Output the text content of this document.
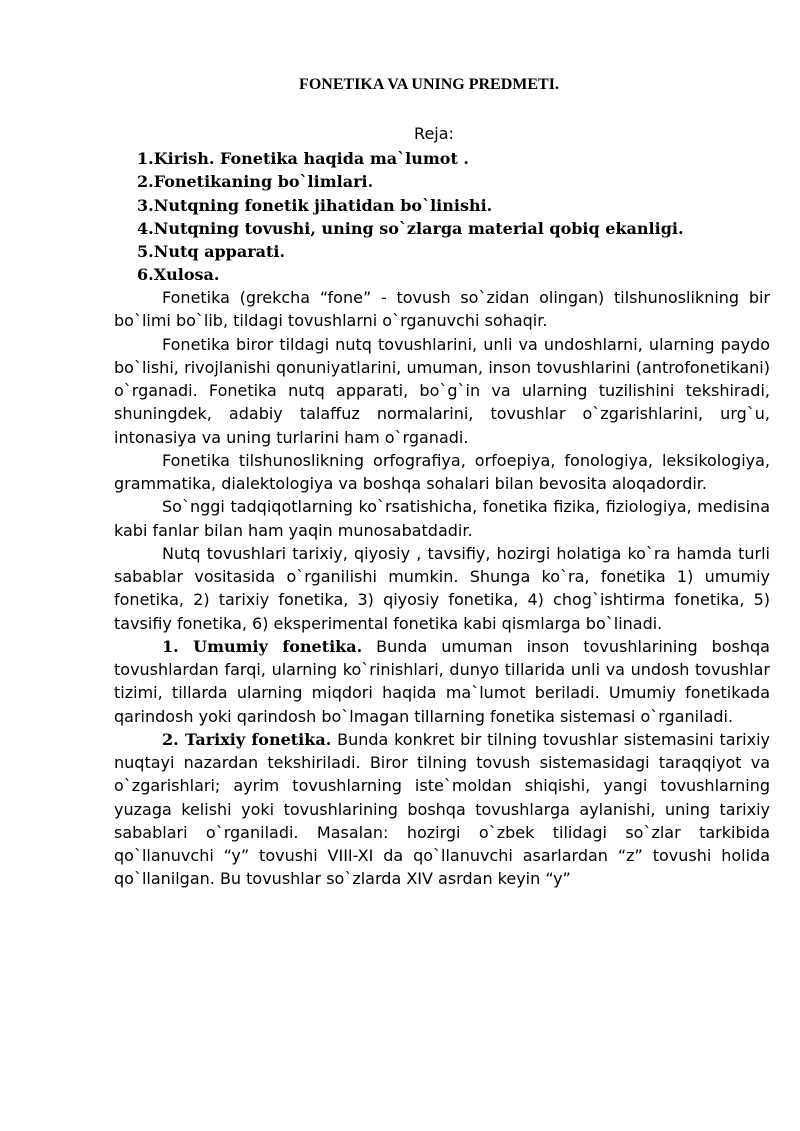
FONETIKA VA UNING PREDMETI.
Reja:
1.Kirish. Fonetika haqida ma`lumot .
2.Fonetikaning bo`limlari.
3.Nutqning fonetik jihatidan bo`linishi.
4.Nutqning tovushi, uning so`zlarga material qobiq ekanligi.
5.Nutq apparati.
6.Xulosa.

Fonetika (grekcha “fone” - tovush so`zidan olingan) tilshunoslikning bir bo`limi bo`lib, tildagi tovushlarni o`rganuvchi sohaqir.

Fonetika biror tildagi nutq tovushlarini, unli va undoshlarni, ularning paydo bo`lishi, rivojlanishi qonuniyatlarini, umuman, inson tovushlarini (antrofonetikani) o`rganadi. Fonetika nutq apparati, bo`g`in va ularning tuzilishini tekshiradi, shuningdek, adabiy talaffuz normalarini, tovushlar o`zgarishlarini, urg`u, intonasiya va uning turlarini ham o`rganadi.

Fonetika tilshunoslikning orfografiya, orfoepiya, fonologiya, leksikologiya, grammatika, dialektologiya va boshqa sohalari bilan bevosita aloqadordir.

So`nggi tadqiqotlarning ko`rsatishicha, fonetika fizika, fiziologiya, medisina kabi fanlar bilan ham yaqin munosabatdadir.

Nutq tovushlari tarixiy, qiyosiy , tavsifiy, hozirgi holatiga ko`ra hamda turli sabablar vositasida o`rganilishi mumkin. Shunga ko`ra, fonetika 1) umumiy fonetika, 2) tarixiy fonetika, 3) qiyosiy fonetika, 4) chog`ishtirma fonetika, 5) tavsifiy fonetika, 6) eksperimental fonetika kabi qismlarga bo`linadi.

1. Umumiy fonetika. Bunda umuman inson tovushlarining boshqa tovushlardan farqi, ularning ko`rinishlari, dunyo tillarida unli va undosh tovushlar tizimi, tillarda ularning miqdori haqida ma`lumot beriladi. Umumiy fonetikada qarindosh yoki qarindosh bo`lmagan tillarning fonetika sistemasi o`rganiladi.

2. Tarixiy fonetika. Bunda konkret bir tilning tovushlar sistemasini tarixiy nuqtayi nazardan tekshiriladi. Biror tilning tovush sistemasidagi taraqqiyot va o`zgarishlari; ayrim tovushlarning iste`moldan shiqishi, yangi tovushlarning yuzaga kelishi yoki tovushlarining boshqa tovushlarga aylanishi, uning tarixiy sabablari o`rganiladi. Masalan: hozirgi o`zbek tilidagi so`zlar tarkibida qo`llanuvchi “y” tovushi VIII-XI da qo`llanuvchi asarlardan “z” tovushi holida qo`llanilgan. Bu tovushlar so`zlarda XIV asrdan keyin “y”
